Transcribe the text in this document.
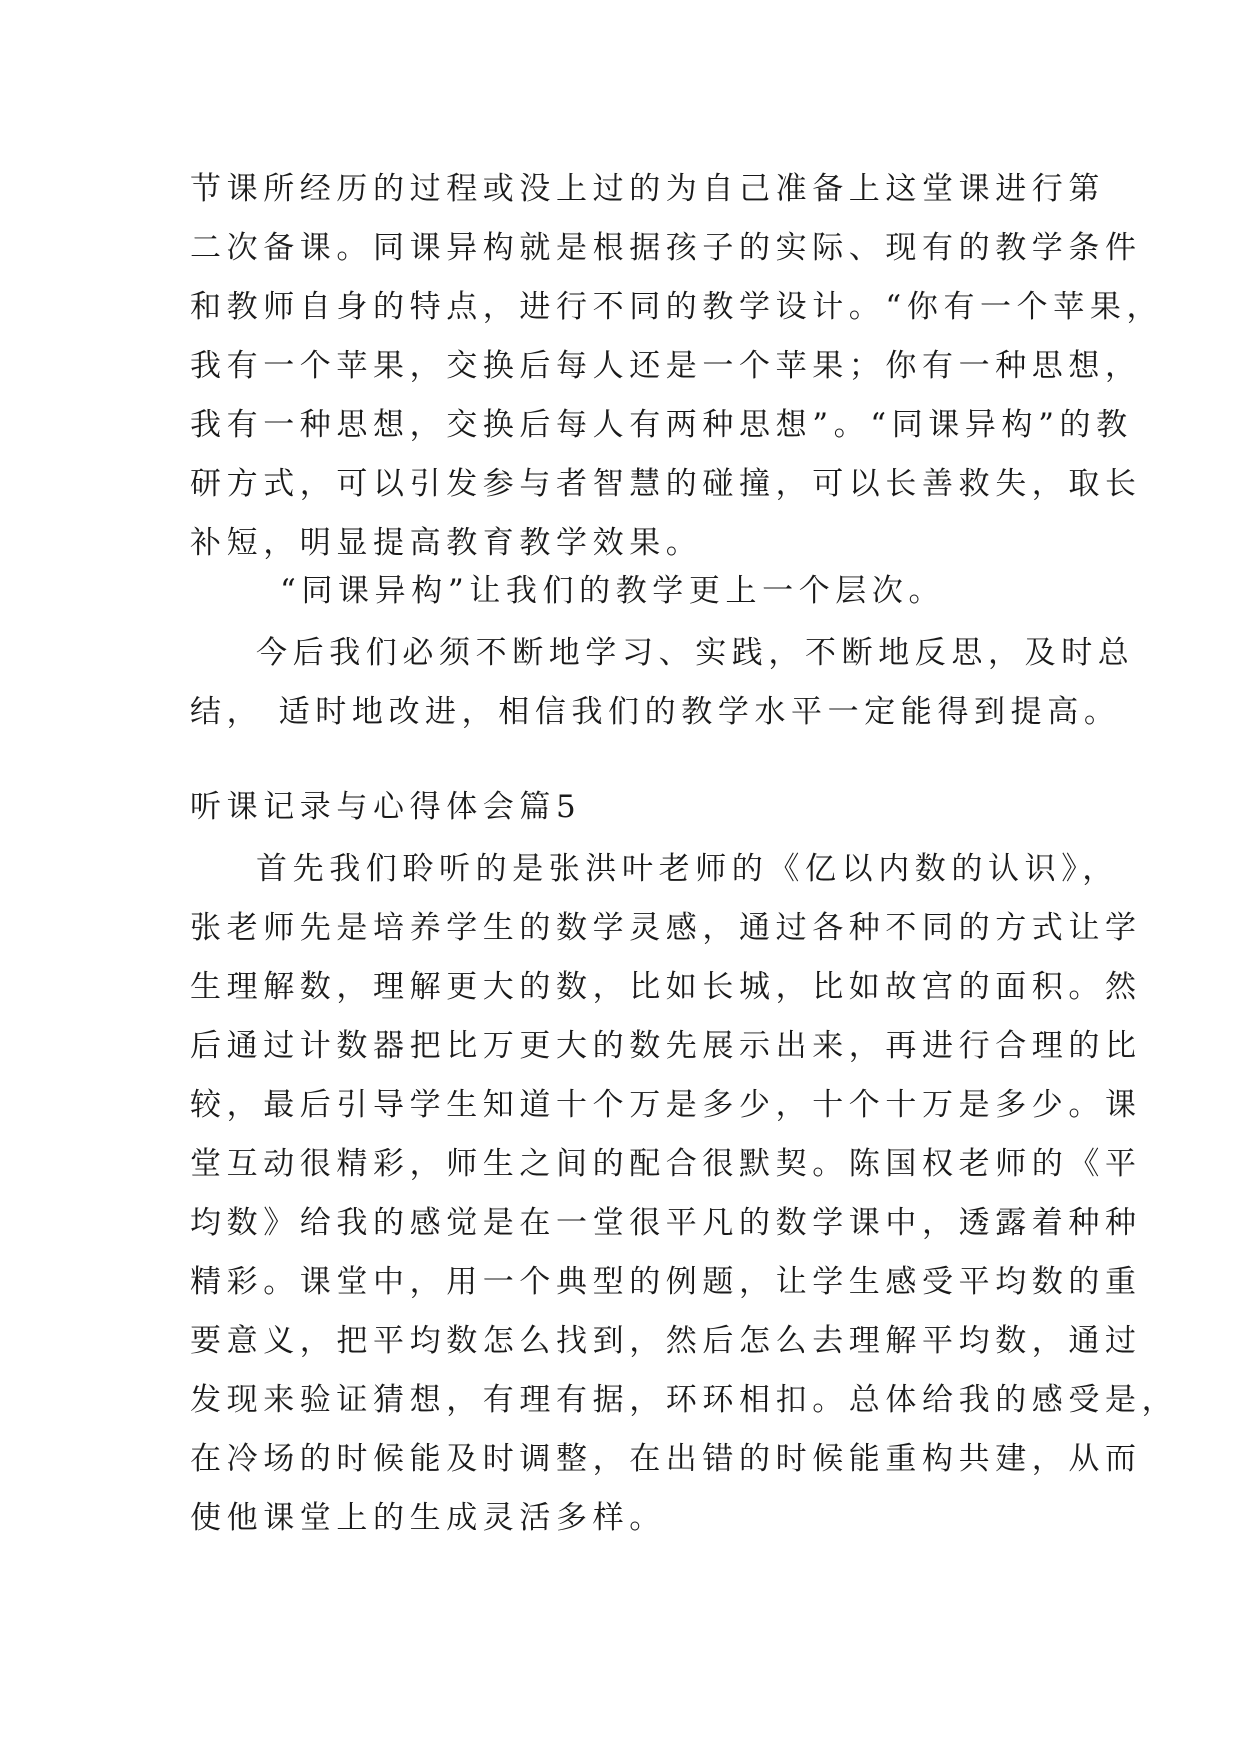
节课所经历的过程或没上过的为自己准备上这堂课进行第
二次备课。同课异构就是根据孩子的实际、现有的教学条件
和教师自身的特点，进行不同的教学设计。“你有一个苹果，
我有一个苹果，交换后每人还是一个苹果；你有一种思想，
我有一种思想，交换后每人有两种思想”。“同课异构”的教
研方式，可以引发参与者智慧的碰撞，可以长善救失，取长
补短，明显提高教育教学效果。
“同课异构”让我们的教学更上一个层次。
今后我们必须不断地学习、实践，不断地反思，及时总
结， 适时地改进，相信我们的教学水平一定能得到提高。
听课记录与心得体会篇5
首先我们聆听的是张洪叶老师的《亿以内数的认识》，
张老师先是培养学生的数学灵感，通过各种不同的方式让学
生理解数，理解更大的数，比如长城，比如故宫的面积。然
后通过计数器把比万更大的数先展示出来，再进行合理的比
较，最后引导学生知道十个万是多少，十个十万是多少。课
堂互动很精彩，师生之间的配合很默契。陈国权老师的《平
均数》给我的感觉是在一堂很平凡的数学课中，透露着种种
精彩。课堂中，用一个典型的例题，让学生感受平均数的重
要意义，把平均数怎么找到，然后怎么去理解平均数，通过
发现来验证猜想，有理有据，环环相扣。总体给我的感受是，
在冷场的时候能及时调整，在出错的时候能重构共建，从而
使他课堂上的生成灵活多样。
